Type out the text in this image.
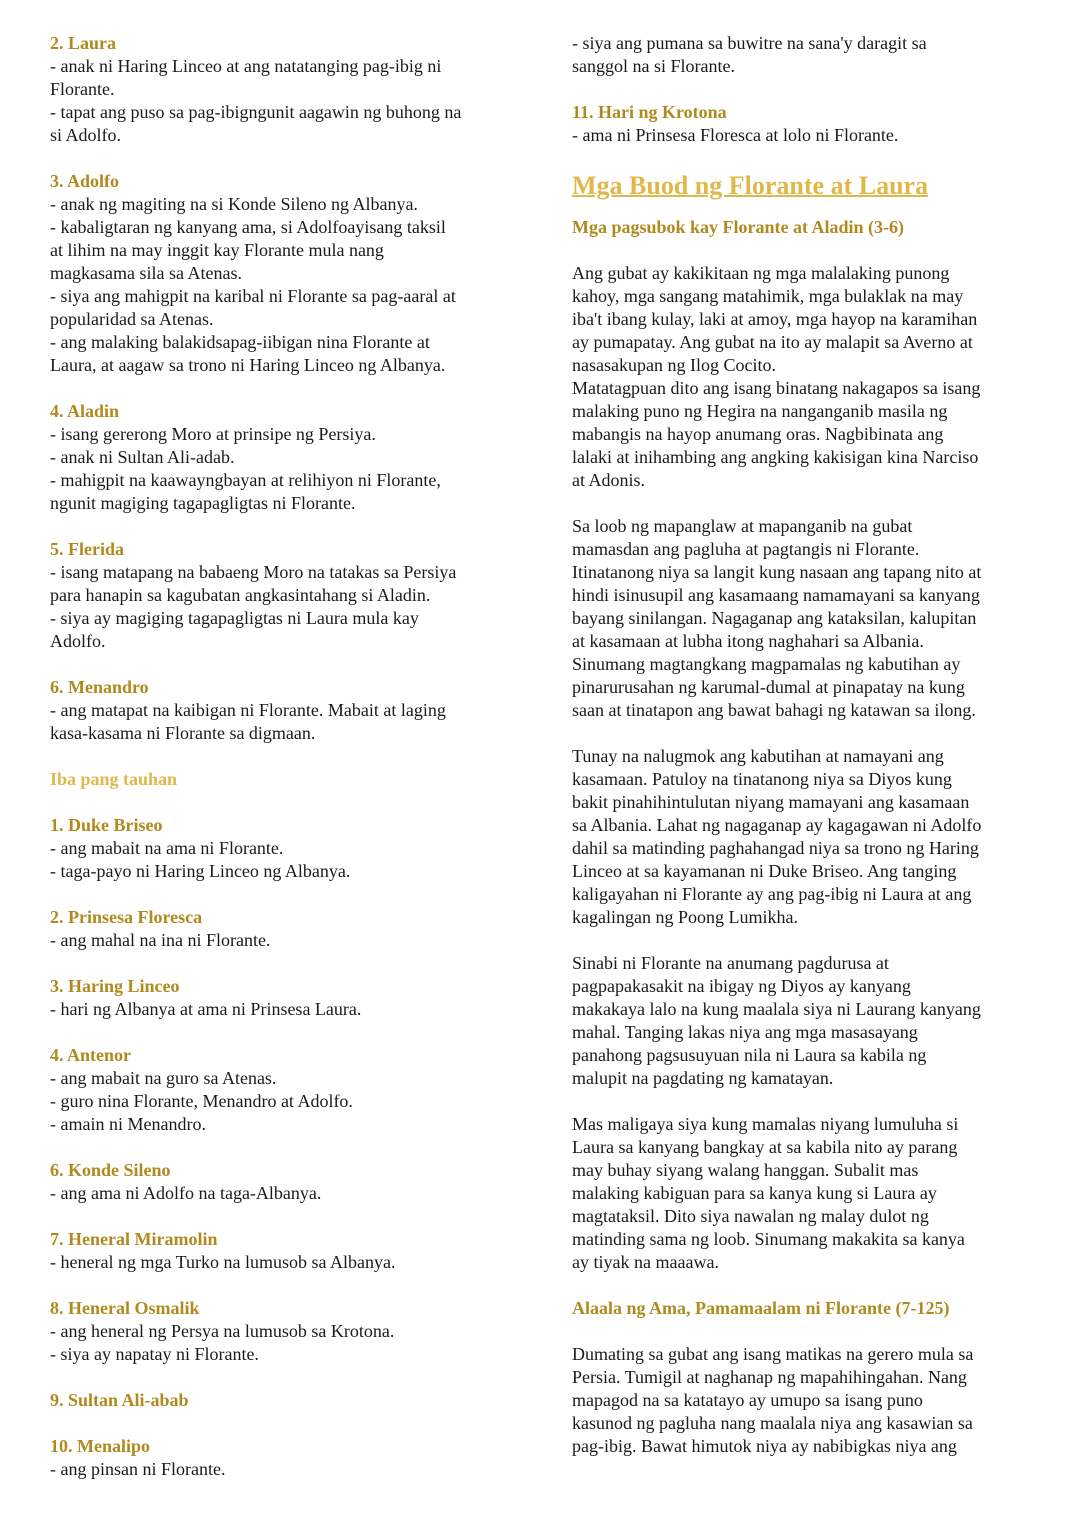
2. Laura
- anak ni Haring Linceo at ang natatanging pag-ibig ni
Florante.
- tapat ang puso sa pag-ibigngunit aagawin ng buhong na
si Adolfo.
3. Adolfo
- anak ng magiting na si Konde Sileno ng Albanya.
- kabaligtaran ng kanyang ama, si Adolfoayisang taksil
at lihim na may inggit kay Florante mula nang
magkasama sila sa Atenas.
- siya ang mahigpit na karibal ni Florante sa pag-aaral at
popularidad sa Atenas.
- ang malaking balakidsapag-iibigan nina Florante at
Laura, at aagaw sa trono ni Haring Linceo ng Albanya.
4. Aladin
- isang gererong Moro at prinsipe ng Persiya.
- anak ni Sultan Ali-adab.
- mahigpit na kaawayngbayan at relihiyon ni Florante,
ngunit magiging tagapagligtas ni Florante.
5. Flerida
- isang matapang na babaeng Moro na tatakas sa Persiya
para hanapin sa kagubatan angkasintahang si Aladin.
- siya ay magiging tagapagligtas ni Laura mula kay
Adolfo.
6. Menandro
- ang matapat na kaibigan ni Florante. Mabait at laging
kasa-kasama ni Florante sa digmaan.
Iba pang tauhan
1. Duke Briseo
- ang mabait na ama ni Florante.
- taga-payo ni Haring Linceo ng Albanya.
2. Prinsesa Floresca
- ang mahal na ina ni Florante.
3. Haring Linceo
- hari ng Albanya at ama ni Prinsesa Laura.
4. Antenor
- ang mabait na guro sa Atenas.
- guro nina Florante, Menandro at Adolfo.
- amain ni Menandro.
6. Konde Sileno
- ang ama ni Adolfo na taga-Albanya.
7. Heneral Miramolin
- heneral ng mga Turko na lumusob sa Albanya.
8. Heneral Osmalik
- ang heneral ng Persya na lumusob sa Krotona.
- siya ay napatay ni Florante.
9. Sultan Ali-abab
10. Menalipo
- ang pinsan ni Florante.
- siya ang pumana sa buwitre na sana'y daragit sa
sanggol na si Florante.
11. Hari ng Krotona
- ama ni Prinsesa Floresca at lolo ni Florante.
Mga Buod ng Florante at Laura
Mga pagsubok kay Florante at Aladin (3-6)
Ang gubat ay kakikitaan ng mga malalaking punong
kahoy, mga sangang matahimik, mga bulaklak na may
iba't ibang kulay, laki at amoy, mga hayop na karamihan
ay pumapatay. Ang gubat na ito ay malapit sa Averno at
nasasakupan ng Ilog Cocito.
Matatagpuan dito ang isang binatang nakagapos sa isang
malaking puno ng Hegira na nanganganib masila ng
mabangis na hayop anumang oras. Nagbibinata ang
lalaki at inihambing ang angking kakisigan kina Narciso
at Adonis.
Sa loob ng mapanglaw at mapanganib na gubat
mamasdan ang pagluha at pagtangis ni Florante.
Itinatanong niya sa langit kung nasaan ang tapang nito at
hindi isinusupil ang kasamaang namamayani sa kanyang
bayang sinilangan. Nagaganap ang kataksilan, kalupitan
at kasamaan at lubha itong naghahari sa Albania.
Sinumang magtangkang magpamalas ng kabutihan ay
pinarurusahan ng karumal-dumal at pinapatay na kung
saan at tinatapon ang bawat bahagi ng katawan sa ilong.
Tunay na nalugmok ang kabutihan at namayani ang
kasamaan. Patuloy na tinatanong niya sa Diyos kung
bakit pinahihintulutan niyang mamayani ang kasamaan
sa Albania. Lahat ng nagaganap ay kagagawan ni Adolfo
dahil sa matinding paghahangad niya sa trono ng Haring
Linceo at sa kayamanan ni Duke Briseo. Ang tanging
kaligayahan ni Florante ay ang pag-ibig ni Laura at ang
kagalingan ng Poong Lumikha.
Sinabi ni Florante na anumang pagdurusa at
pagpapakasakit na ibigay ng Diyos ay kanyang
makakaya lalo na kung maalala siya ni Laurang kanyang
mahal. Tanging lakas niya ang mga masasayang
panahong pagsusuyuan nila ni Laura sa kabila ng
malupit na pagdating ng kamatayan.
Mas maligaya siya kung mamalas niyang lumuluha si
Laura sa kanyang bangkay at sa kabila nito ay parang
may buhay siyang walang hanggan. Subalit mas
malaking kabiguan para sa kanya kung si Laura ay
magtataksil. Dito siya nawalan ng malay dulot ng
matinding sama ng loob. Sinumang makakita sa kanya
ay tiyak na maaawa.
Alaala ng Ama, Pamamaalam ni Florante (7-125)
Dumating sa gubat ang isang matikas na gerero mula sa
Persia. Tumigil at naghanap ng mapahihingahan. Nang
mapagod na sa katatayo ay umupo sa isang puno
kasunod ng pagluha nang maalala niya ang kasawian sa
pag-ibig. Bawat himutok niya ay nabibigkas niya ang
